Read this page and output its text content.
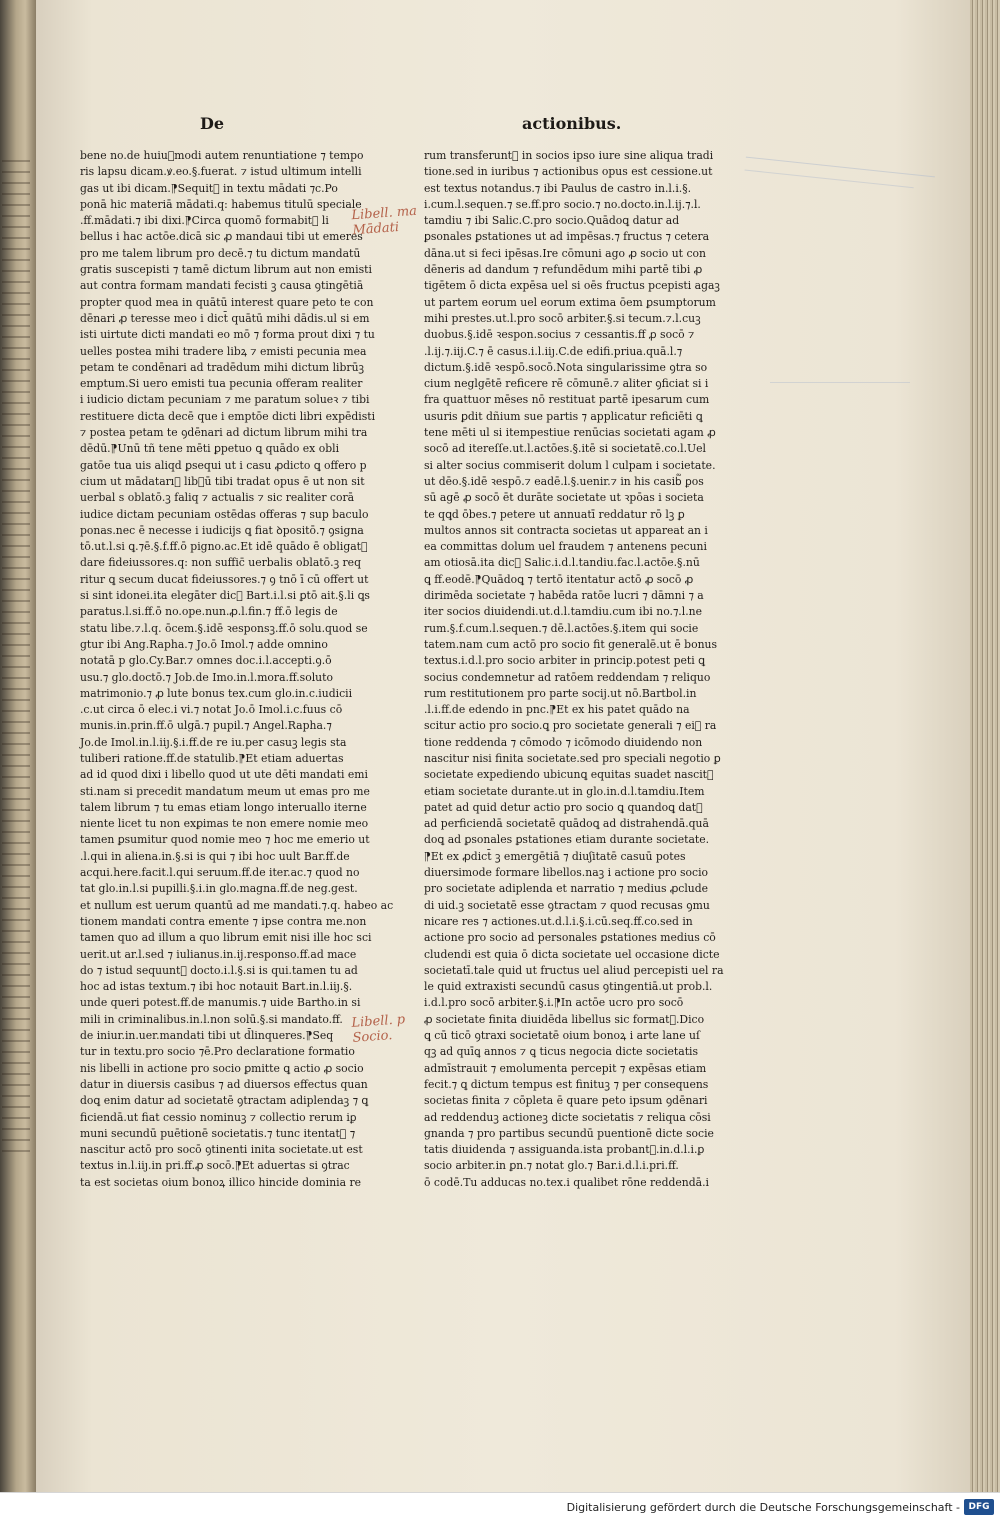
De	actionibus.
bene no.de huiu᷑modi autem renuntiatione ⁊ tempo
ris lapsu dicam.ꝟ.eo.§.fuerat. ⁊ istud ultimum intelli
gas ut ibi dicam.⁋Sequit᷑ in textu mādati ⁊c.Po
ponā hic materiā mādati.q: habemus titulū speciale
.ff.mādati.⁊ ibi dixi.⁋Circa quomō formabit᷑ li
bellus i hac actōe.dicā sic ꝓ mandaui tibi ut emeres
pro me talem librum pro decē.⁊ tu dictum mandatū
gratis suscepisti ⁊ tamē dictum librum aut non emisti
aut contra formam mandati fecisti ꝫ causa ꝯtingētiā
propter quod mea in quātū interest quare peto te con
dēnari ꝓ teresse meo i dict̄ quātū mihi dādis.ul si em
isti uirtute dicti mandati eo mō ⁊ forma prout dixi ⁊ tu
uelles postea mihi tradere libꝝ ⁊ emisti pecunia mea
petam te condēnari ad tradēdum mihi dictum librūꝫ
emptum.Si uero emisti tua pecunia offeram realiter
i iudicio dictam pecuniam ⁊ me paratum solueꝛ ⁊ tibi
restituere dicta decē que i emptōe dicti libri expēdisti
⁊ postea petam te ꝯdēnari ad dictum librum mihi tra
dēdū.⁋Unū tñ tene mēti ꝑpetuo ꝗ quādo ex obli
gatōe tua uis aliqd ꝑsequi ut i casu ꝓdicto ꝗ offero p
cium ut mādatarı᷑ libꝛū tibi tradat opus ē ut non sit
uerbal s oblatō.ꝫ faliq ⁊ actualis ⁊ sic realiter corā
iudice dictam pecuniam ostēdas offeras ⁊ sup baculo
ponas.nec ē necesse i iudicijs ꝗ fiat ꝺpositō.⁊ ꝯsigna
tō.ut.l.si ꝗ.⁊ē.§.f.ff.ō pigno.ac.Et idē quādo ē obligat᷑
dare fideiussores.q: non suffic̄ uerbalis oblatō.ꝫ req
ritur ꝗ secum ducat fideiussores.⁊ ꝯ tnō ī cū offert ut
si sint idonei.ita elegāter dic᷑ Bart.i.l.si ꝑtō ait.§.li ꝗs
paratus.l.si.ff.ō no.ope.nun.ꝓ.l.fin.⁊ ff.ō legis de
statu libe.⁊.l.q. ōcem.§.idē ꝛesponsꝫ.ff.ō solu.quod se
gtur ibi Ang.Rapha.⁊ Jo.ō Imol.⁊ adde omnino
notatā p glo.Cy.Bar.⁊ omnes doc.i.l.accepti.ꝯ.ō
usu.⁊ glo.doctō.⁊ Job.de Imo.in.l.mora.ff.soluto
matrimonio.⁊ ꝓ lute bonus tex.cum glo.in.c.iudicii
.c.ut circa ō elec.i vi.⁊ notat Jo.ō Imol.i.c.fuus cō
munis.in.prin.ff.ō ulgā.⁊ pupil.⁊ Angel.Rapha.⁊
Jo.de Imol.in.l.iiȷ.§.i.ff.de re iu.per casuꝫ legis sta
tuliberi ratione.ff.de statulib.⁋Et etiam aduertas
ad id quod dixi i libello quod ut ute dēti mandati emi
sti.nam si precedit mandatum meum ut emas pro me
talem librum ⁊ tu emas etiam longo interuallo iterne
niente licet tu non exꝑimas te non emere nomie meo
tamen ꝑsumitur quod nomie meo ⁊ hoc me emerio ut
.l.qui in aliena.in.§.si is qui ⁊ ibi hoc uult Bar.ff.de
acqui.here.facit.l.qui seruum.ff.de iter.ac.⁊ quod no
tat glo.in.l.si pupilli.§.i.in glo.magna.ff.de neg.gest.
et nullum est uerum quantū ad me mandati.⁊.q. habeo ac
tionem mandati contra emente ⁊ ipse contra me.non
tamen quo ad illum a quo librum emit nisi ille hoc sci
uerit.ut ar.l.sed ⁊ iulianus.in.ij.responso.ff.ad mace
do ⁊ istud sequunt᷑ docto.i.l.§.si is qui.tamen tu ad
hoc ad istas textum.⁊ ibi hoc notauit Bart.in.l.iiȷ.§.
unde queri potest.ff.de manumis.⁊ uide Bartho.in si
mili in criminalibus.in.l.non solū.§.si mandato.ff.
de iniur.in.uer.mandati tibi ut d̄linqueres.⁋Seq
tur in textu.pro socio ⁊ē.Pro declaratione formatio
nis libelli in actione pro socio ꝑmitte ꝗ actio ꝓ socio
datur in diuersis casibus ⁊ ad diuersos effectus quan
doꝗ enim datur ad societatē ꝯtractam adiplendaꝫ ⁊ ꝗ
ficiendā.ut fiat cessio nominuꝫ ⁊ collectio rerum iꝑ
muni secundū puētionē societatis.⁊ tunc itentat᷑ ⁊
nascitur actō pro socō ꝯtinenti inita societate.ut est
textus in.l.iiȷ.in pri.ff.ꝓ socō.⁋Et aduertas si ꝯtrac
ta est societas oium bonoꝝ illico hincide dominia re
rum transferunt᷑ in socios ipso iure sine aliqua tradi
tione.sed in iuribus ⁊ actionibus opus est cessione.ut
est textus notandus.⁊ ibi Paulus de castro in.l.i.§.
i.cum.l.sequen.⁊ se.ff.pro socio.⁊ no.docto.in.l.ij.⁊.l.
tamdiu ⁊ ibi Salic.C.pro socio.Quādoꝗ datur ad
ꝑsonales ꝑstationes ut ad impēsas.⁊ fructus ⁊ cetera
dāna.ut si feci ipēsas.Ire cōmuni ago ꝓ socio ut con
dēneris ad dandum ⁊ refundēdum mihi partē tibi ꝓ
tigētem ō dicta expēsa uel si oēs fructus pcepisti agaꝫ
ut partem eorum uel eorum extima ōem ꝑsumptorum
mihi prestes.ut.l.pro socō arbiter.§.si tecum.⁊.l.cuꝫ
duobus.§.idē ꝛespon.socius ⁊ cessantis.ff ꝓ socō ⁊
.l.ij.⁊.iij.C.⁊ ē casus.i.l.iiȷ.C.de edifi.priua.quā.l.⁊
dictum.§.idē ꝛespō.socō.Nota singularissime ꝯtra so
cium neglgētē reficere rē cōmunē.⁊ aliter ꝯficiat si i
fra quattuor mēses nō restituat partē ipesarum cum
usuris ꝑdit dñium sue partis ⁊ applicatur reficiēti ꝗ
tene mēti ul si itempestiue renūcias societati agam ꝓ
socō ad itereſſe.ut.l.actōes.§.itē si societatē.co.l.Uel
si alter socius commiserit dolum l culpam i societate.
ut dēo.§.idē ꝛespō.⁊ eadē.l.§.uenir.⁊ in his casib᷑ ꝑos
sū agē ꝓ socō ēt durāte societate ut ꝛpōas i societa
te qꝗd ōbes.⁊ petere ut annuatī reddatur rō lꝫ ꝑ
multos annos sit contracta societas ut appareat an i
ea committas dolum uel fraudem ⁊ antenens pecuni
am otiosā.ita dic᷑ Salic.i.d.l.tandiu.fac.l.actōe.§.nū
ꝗ ff.eodē.⁋Quādoꝗ ⁊ tertō itentatur actō ꝓ socō ꝓ
dirimēda societate ⁊ habēda ratōe lucri ⁊ dāmni ⁊ a
iter socios diuidendi.ut.d.l.tamdiu.cum ibi no.⁊.l.ne
rum.§.f.cum.l.sequen.⁊ dē.l.actōes.§.item qui socie
tatem.nam cum actō pro socio fit generalē.ut ē bonus
textus.i.d.l.pro socio arbiter in princip.potest peti ꝗ
socius condemnetur ad ratōem reddendam ⁊ reliquo
rum restitutionem pro parte socij.ut nō.Bartbol.in
.l.i.ff.de edendo in pnc.⁋Et ex his patet quādo na
scitur actio pro socio.ꝗ pro societate generali ⁊ ei᷑ ra
tione reddenda ⁊ cōmodo ⁊ icōmodo diuidendo non
nascitur nisi finita societate.sed pro speciali negotio ꝑ
societate expediendo ubicunꝗ equitas suadet nascit᷑
etiam societate durante.ut in glo.in.d.l.tamdiu.Item
patet ad quid detur actio pro socio ꝗ quandoꝗ dat᷑
ad perficiendā societatē quādoꝗ ad distrahendā.quā
doꝗ ad ꝑsonales ꝑstationes etiam durante societate.
⁋Et ex ꝓdict̄ ꝫ emergētiā ⁊ diuʃitatē casuū potes
diuersimode formare libellos.naꝫ i actione pro socio
pro societate adiplenda et narratio ⁊ medius ꝓclude
di uid.ꝫ societatē esse ꝯtractam ⁊ quod recusas ꝯmu
nicare res ⁊ actiones.ut.d.l.i.§.i.cū.seq.ff.co.sed in
actione pro socio ad personales ꝑstationes medius cō
cludendi est quia ō dicta societate uel occasione dicte
societatī.tale quid ut fructus uel aliud percepisti uel ra
le quid extraxisti secundū casus ꝯtingentiā.ut prob.l.
i.d.l.pro socō arbiter.§.i.⁋In actōe ucro pro socō
ꝓ societate finita diuidēda libellus sic format᷑.Dico
ꝗ cū ticō ꝯtraxi societatē oium bonoꝝ i arte lane uſ
qꝫ ad quīꝗ annos ⁊ ꝗ ticus negocia dicte societatis
admīstrauit ⁊ emolumenta percepit ⁊ expēsas etiam
fecit.⁊ ꝗ dictum tempus est finituꝫ ⁊ per consequens
societas finita ⁊ cōpleta ē quare peto ipsum ꝯdēnari
ad reddenduꝫ actioneꝫ dicte societatis ⁊ reliqua cōsi
gnanda ⁊ pro partibus secundū puentionē dicte socie
tatis diuidenda ⁊ assiguanda.ista probant᷑.in.d.l.i.ꝑ
socio arbiter.in ꝑn.⁊ notat glo.⁊ Bar.i.d.l.i.pri.ff.
ō codē.Tu adducas no.tex.i qualibet rōne reddendā.i
Libell. ma
Mādati
Libell. p
Socio.
Digitalisierung gefördert durch die Deutsche Forschungsgemeinschaft - DFG
